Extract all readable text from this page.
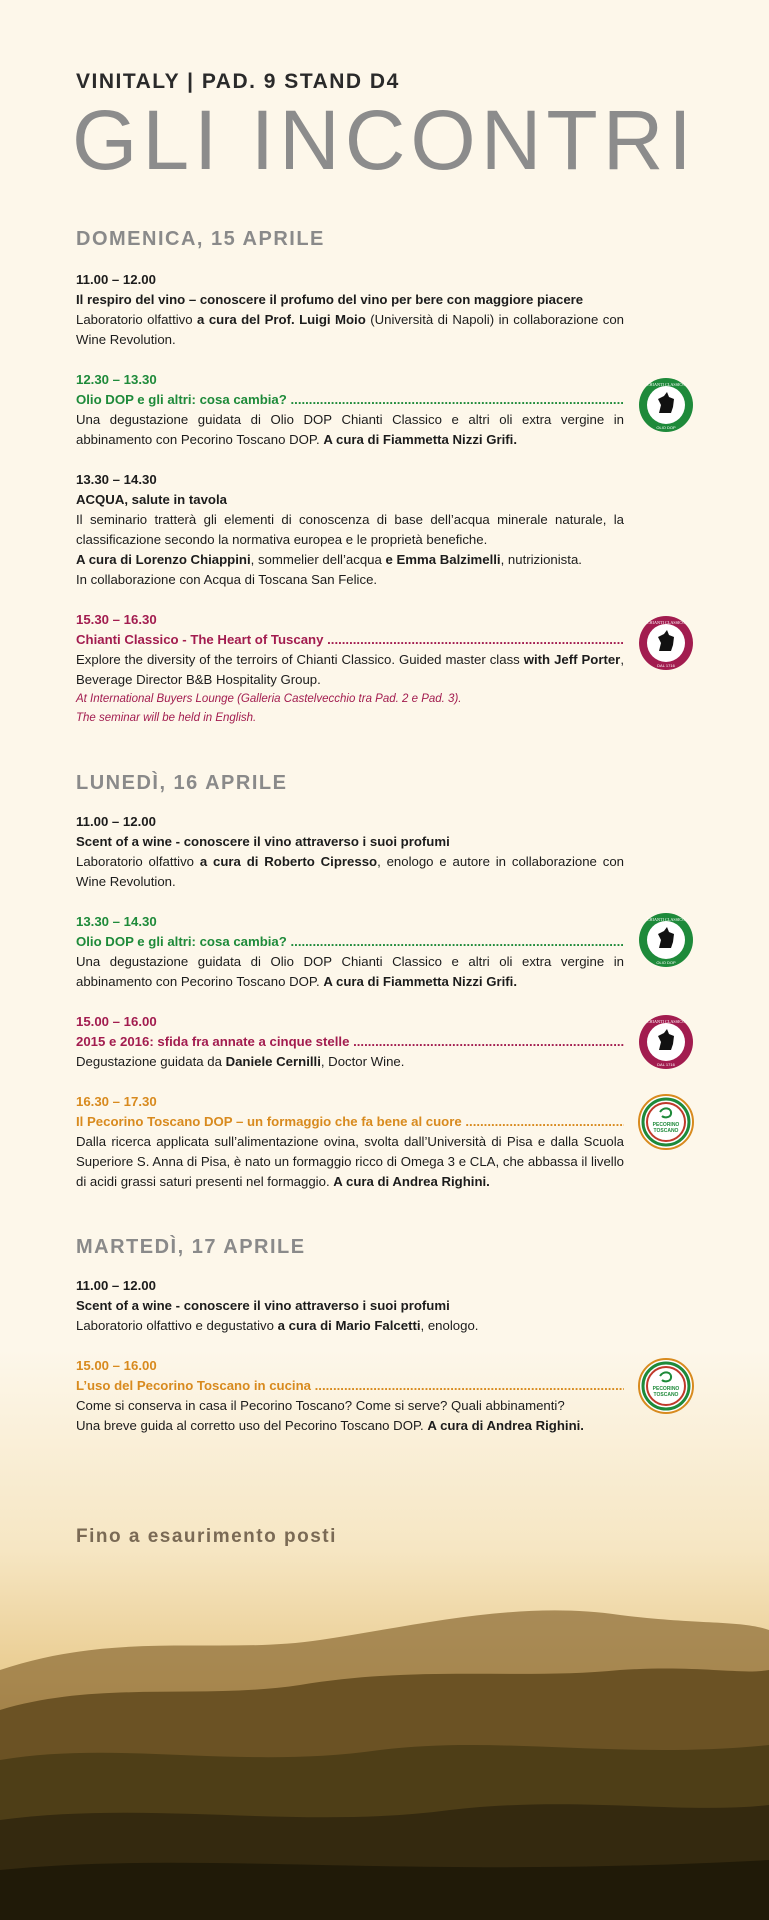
VINITALY | PAD. 9 STAND D4
GLI INCONTRI
DOMENICA, 15 APRILE
11.00 – 12.00
Il respiro del vino – conoscere il profumo del vino per bere con maggiore piacere
Laboratorio olfattivo a cura del Prof. Luigi Moio (Università di Napoli) in collaborazione con Wine Revolution.
12.30 – 13.30
Olio DOP e gli altri: cosa cambia? .....
Una degustazione guidata di Olio DOP Chianti Classico e altri oli extra vergine in abbinamento con Pecorino Toscano DOP. A cura di Fiammetta Nizzi Grifi.
13.30 – 14.30
ACQUA, salute in tavola
Il seminario tratterà gli elementi di conoscenza di base dell’acqua minerale naturale, la classificazione secondo la normativa europea e le proprietà benefiche.
A cura di Lorenzo Chiappini, sommelier dell’acqua e Emma Balzimelli, nutrizionista.
In collaborazione con Acqua di Toscana San Felice.
15.30 – 16.30
Chianti Classico - The Heart of Tuscany .....
Explore the diversity of the terroirs of Chianti Classico. Guided master class with Jeff Porter, Beverage Director B&B Hospitality Group.
At International Buyers Lounge (Galleria Castelvecchio tra Pad. 2 e Pad. 3).
The seminar will be held in English.
LUNEDÌ, 16 APRILE
11.00 – 12.00
Scent of a wine - conoscere il vino attraverso i suoi profumi
Laboratorio olfattivo a cura di Roberto Cipresso, enologo e autore in collaborazione con Wine Revolution.
13.30 – 14.30
Olio DOP e gli altri: cosa cambia? .....
Una degustazione guidata di Olio DOP Chianti Classico e altri oli extra vergine in abbinamento con Pecorino Toscano DOP. A cura di Fiammetta Nizzi Grifi.
15.00 – 16.00
2015 e 2016: sfida fra annate a cinque stelle .....
Degustazione guidata da Daniele Cernilli, Doctor Wine.
16.30 – 17.30
Il Pecorino Toscano DOP – un formaggio che fa bene al cuore .....
Dalla ricerca applicata sull’alimentazione ovina, svolta dall’Università di Pisa e dalla Scuola Superiore S. Anna di Pisa, è nato un formaggio ricco di Omega 3 e CLA, che abbassa il livello di acidi grassi saturi presenti nel formaggio. A cura di Andrea Righini.
MARTEDÌ, 17 APRILE
11.00 – 12.00
Scent of a wine - conoscere il vino attraverso i suoi profumi
Laboratorio olfattivo e degustativo a cura di Mario Falcetti, enologo.
15.00 – 16.00
L’uso del Pecorino Toscano in cucina .....
Come si conserva in casa il Pecorino Toscano? Come si serve? Quali abbinamenti?
Una breve guida al corretto uso del Pecorino Toscano DOP. A cura di Andrea Righini.
CHIANTI CLASSICO
OLIO DOP
CHIANTI CLASSICO
DAL 1716
CHIANTI CLASSICO
OLIO DOP
CHIANTI CLASSICO
DAL 1716
PECORINO
TOSCANO
PECORINO
TOSCANO
Fino a esaurimento posti
